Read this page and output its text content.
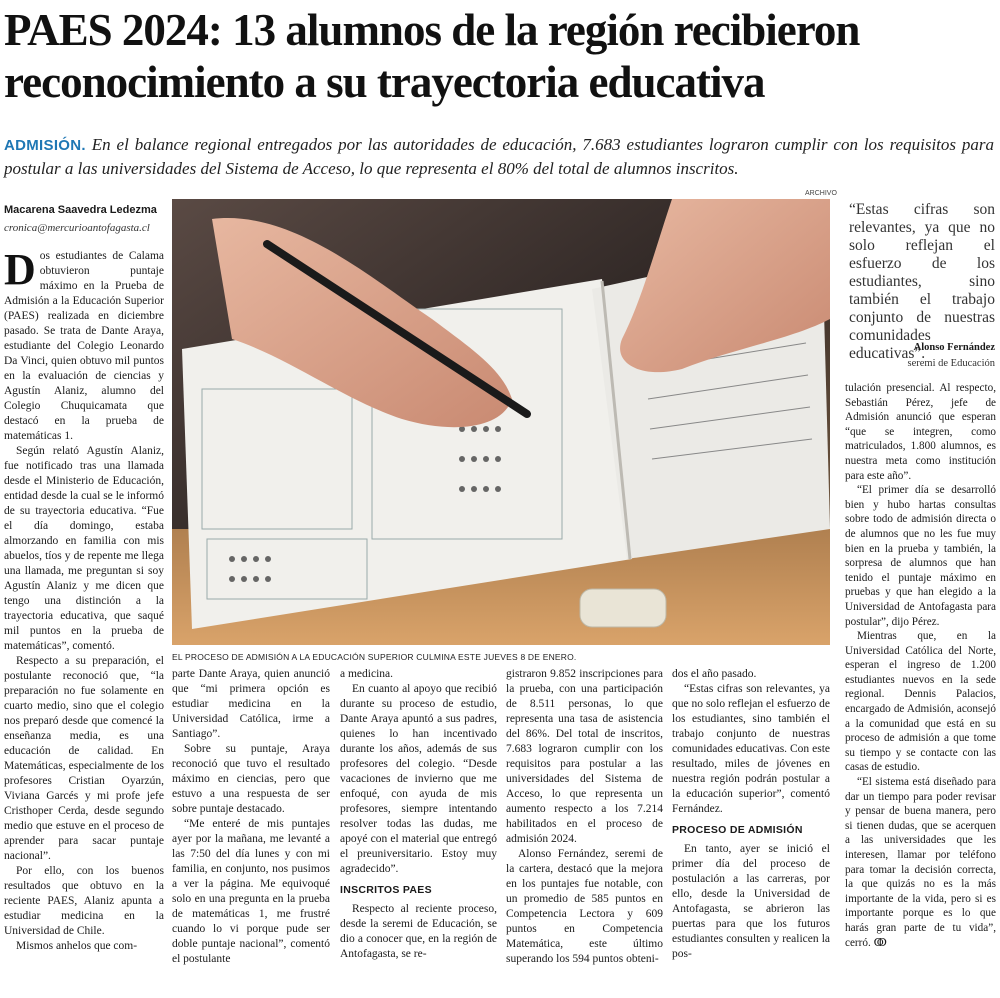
PAES 2024: 13 alumnos de la región recibieron reconocimiento a su trayectoria educativa

ADMISIÓN. En el balance regional entregados por las autoridades de educación, 7.683 estudiantes lograron cumplir con los requisitos para postular a las universidades del Sistema de Acceso, lo que representa el 80% del total de alumnos inscritos.

Macarena Saavedra Ledezma
cronica@mercurioantofagasta.cl
ARCHIVO
EL PROCESO DE ADMISIÓN A LA EDUCACIÓN SUPERIOR CULMINA ESTE JUEVES 8 DE ENERO.
“Estas cifras son relevantes, ya que no solo reflejan el esfuerzo de los estudiantes, sino también el trabajo conjunto de nuestras comunidades educativas”.
Alonso Fernández
seremi de Educación

Dos estudiantes de Calama obtuvieron puntaje máximo en la Prueba de Admisión a la Educación Superior (PAES) realizada en diciembre pasado. Se trata de Dante Araya, estudiante del Colegio Leonardo Da Vinci, quien obtuvo mil puntos en la evaluación de ciencias y Agustín Alaniz, alumno del Colegio Chuquicamata que destacó en la prueba de matemáticas 1.

Según relató Agustín Alaniz, fue notificado tras una llamada desde el Ministerio de Educación, entidad desde la cual se le informó de su trayectoria educativa. “Fue el día domingo, estaba almorzando en familia con mis abuelos, tíos y de repente me llega una llamada, me preguntan si soy Agustín Alaniz y me dicen que tengo una distinción a la trayectoria educativa, que saqué mil puntos en la prueba de matemáticas”, comentó.

Respecto a su preparación, el postulante reconoció que, “la preparación no fue solamente en cuarto medio, sino que el colegio nos preparó desde que comencé la enseñanza media, es una educación de calidad. En Matemáticas, especialmente de los profesores Cristian Oyarzún, Viviana Garcés y mi profe jefe Cristhoper Cerda, desde segundo medio que estuve en el proceso de aprender para sacar puntaje nacional”.

Por ello, con los buenos resultados que obtuvo en la reciente PAES, Alaniz apunta a estudiar medicina en la Universidad de Chile.

Mismos anhelos que com-

parte Dante Araya, quien anunció que “mi primera opción es estudiar medicina en la Universidad Católica, irme a Santiago”.

Sobre su puntaje, Araya reconoció que tuvo el resultado máximo en ciencias, pero que estuvo a una respuesta de ser sobre puntaje destacado.

“Me enteré de mis puntajes ayer por la mañana, me levanté a las 7:50 del día lunes y con mi familia, en conjunto, nos pusimos a ver la página. Me equivoqué solo en una pregunta en la prueba de matemáticas 1, me frustré cuando lo vi porque pude ser doble puntaje nacional”, comentó el postulante

a medicina.

En cuanto al apoyo que recibió durante su proceso de estudio, Dante Araya apuntó a sus padres, quienes lo han incentivado durante los años, además de sus profesores del colegio. “Desde vacaciones de invierno que me enfoqué, con ayuda de mis profesores, siempre intentando resolver todas las dudas, me apoyé con el material que entregó el preuniversitario. Estoy muy agradecido”.

INSCRITOS PAES

Respecto al reciente proceso, desde la seremi de Educación, se dio a conocer que, en la región de Antofagasta, se re-

gistraron 9.852 inscripciones para la prueba, con una participación de 8.511 personas, lo que representa una tasa de asistencia del 86%. Del total de inscritos, 7.683 lograron cumplir con los requisitos para postular a las universidades del Sistema de Acceso, lo que representa un aumento respecto a los 7.214 habilitados en el proceso de admisión 2024.

Alonso Fernández, seremi de la cartera, destacó que la mejora en los puntajes fue notable, con un promedio de 585 puntos en Competencia Lectora y 609 puntos en Competencia Matemática, este último superando los 594 puntos obteni-

dos el año pasado.

“Estas cifras son relevantes, ya que no solo reflejan el esfuerzo de los estudiantes, sino también el trabajo conjunto de nuestras comunidades educativas. Con este resultado, miles de jóvenes en nuestra región podrán postular a la educación superior”, comentó Fernández.

PROCESO DE ADMISIÓN

En tanto, ayer se inició el primer día del proceso de postulación a las carreras, por ello, desde la Universidad de Antofagasta, se abrieron las puertas para que los futuros estudiantes consulten y realicen la pos-

tulación presencial. Al respecto, Sebastián Pérez, jefe de Admisión anunció que esperan “que se integren, como matriculados, 1.800 alumnos, es nuestra meta como institución para este año”.

“El primer día se desarrolló bien y hubo hartas consultas sobre todo de admisión directa o de alumnos que no les fue muy bien en la prueba y también, la sorpresa de alumnos que han tenido el puntaje máximo en pruebas y que han elegido a la Universidad de Antofagasta para postular”, dijo Pérez.

Mientras que, en la Universidad Católica del Norte, esperan el ingreso de 1.200 estudiantes nuevos en la sede regional. Dennis Palacios, encargado de Admisión, aconsejó a la comunidad que está en su proceso de admisión a que tome su tiempo y se contacte con las casas de estudio.

“El sistema está diseñado para dar un tiempo para poder revisar y pensar de buena manera, pero si tienen dudas, que se acerquen a las universidades que les interesen, llamar por teléfono para tomar la decisión correcta, la que quizás no es la más importante de la vida, pero si es importante porque es lo que harás gran parte de tu vida”, cerró. ↂ
